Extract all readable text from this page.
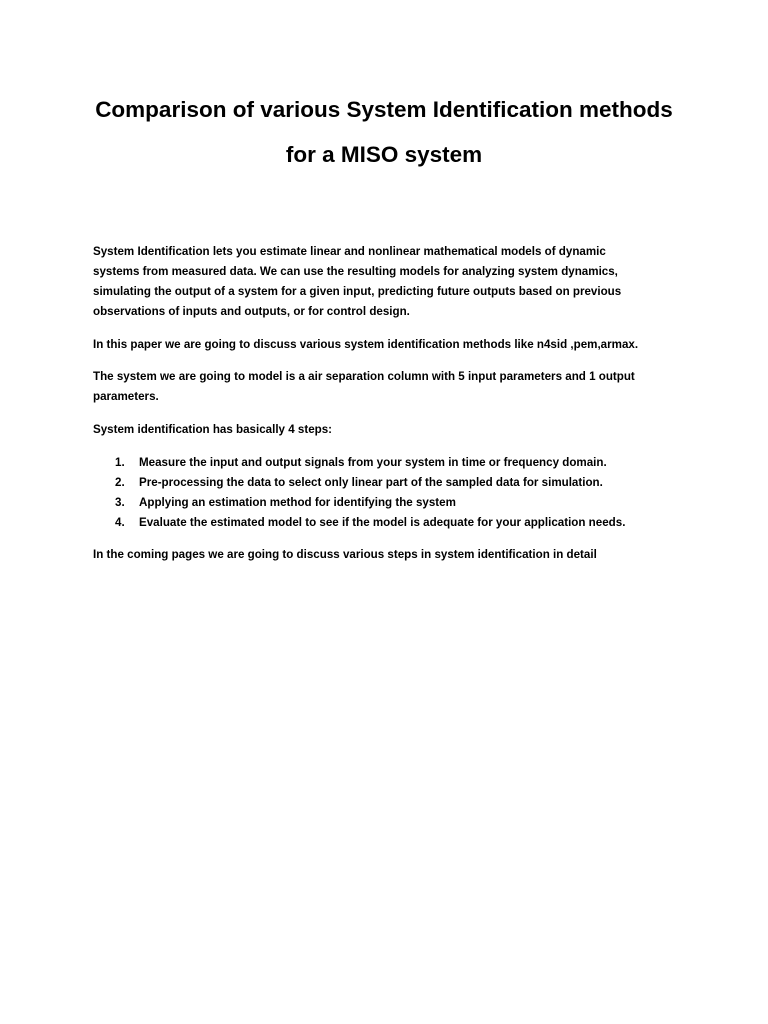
Comparison of various System Identification methods
for a MISO system

System Identification lets you estimate linear and nonlinear mathematical models of dynamic
systems from measured data. We can use the resulting models for analyzing system dynamics,
simulating the output of a system for a given input, predicting future outputs based on previous
observations of inputs and outputs, or for control design.

In this paper we are going to discuss various system identification methods like n4sid ,pem,armax.

The system we are going to model is a air separation column with 5 input parameters and 1 output
parameters.

System identification has basically 4 steps:

1. Measure the input and output signals from your system in time or frequency domain.
2. Pre-processing the data to select only linear part of the sampled data for simulation.
3. Applying an estimation method for identifying the system
4. Evaluate the estimated model to see if the model is adequate for your application needs.

In the coming pages we are going to discuss various steps in system identification in detail
